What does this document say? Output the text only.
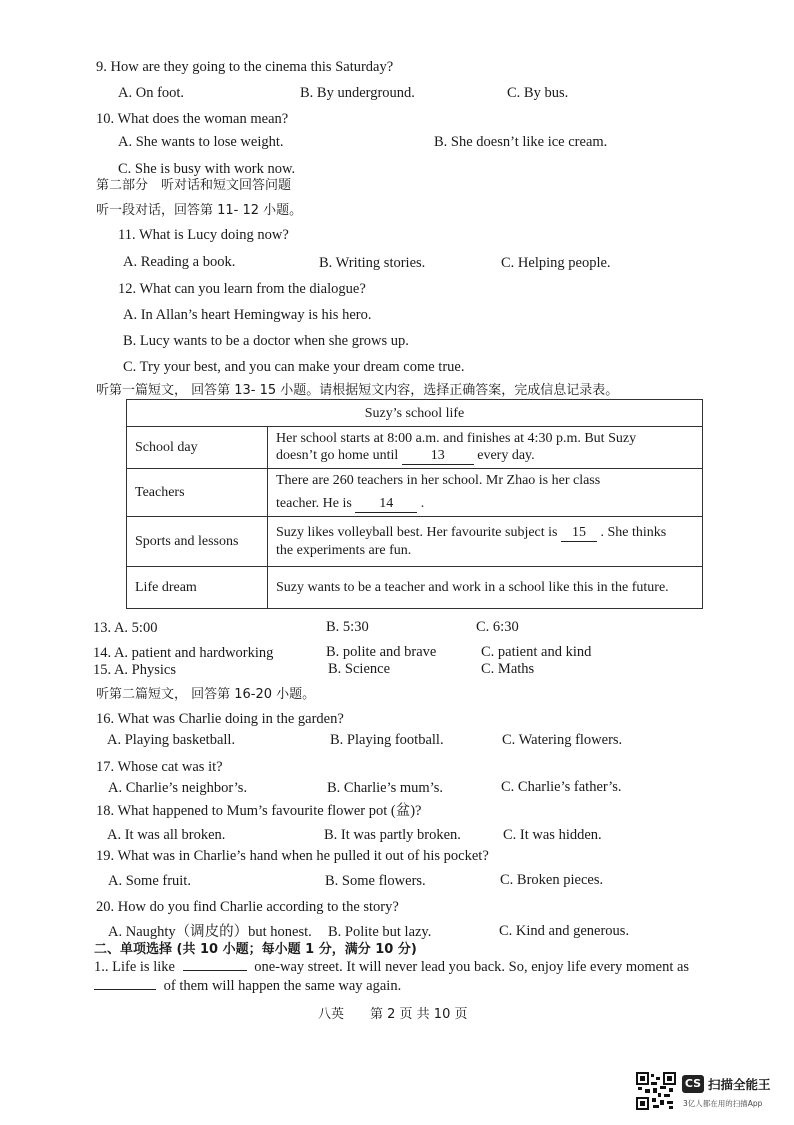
9. How are they going to the cinema this Saturday?
A. On foot.	B. By underground.	C. By bus.
10. What does the woman mean?
A. She wants to lose weight.	B. She doesn’t like ice cream.
C. She is busy with work now.
第二部分　听对话和短文回答问题
听一段对话，回答第 11- 12 小题。
11. What is Lucy doing now?
A. Reading a book.	B. Writing stories.	C. Helping people.
12. What can you learn from the dialogue?
A. In Allan’s heart Hemingway is his hero.
B. Lucy wants to be a doctor when she grows up.
C. Try your best, and you can make your dream come true.
听第一篇短文， 回答第 13- 15 小题。请根据短文内容，选择正确答案，完成信息记录表。
Suzy’s school life	
School day	Her school starts at 8:00 a.m. and finishes at 4:30 p.m. But Suzy
doesn’t go home until 13 every day.

Teachers	There are 260 teachers in her school. Mr Zhao is her class
teacher. He is 14 .

Sports and lessons	Suzy likes volleyball best. Her favourite subject is 15 . She thinks
the experiments are fun.

Life dream	Suzy wants to be a teacher and work in a school like this in the future.
13. A. 5:00	B. 5:30	C. 6:30
14. A. patient and hardworking	B. polite and brave	C. patient and kind
15. A. Physics	B. Science	C. Maths
听第二篇短文， 回答第 16-20 小题。
16. What was Charlie doing in the garden?
A. Playing basketball.	B. Playing football.	C. Watering flowers.
17. Whose cat was it?
A. Charlie’s neighbor’s.	B. Charlie’s mum’s.	C. Charlie’s father’s.
18. What happened to Mum’s favourite flower pot (盆)?
A. It was all broken.	B. It was partly broken.	C. It was hidden.
19. What was in Charlie’s hand when he pulled it out of his pocket?
A. Some fruit.	B. Some flowers.	C. Broken pieces.
20. How do you find Charlie according to the story?
A. Naughty（调皮的）but honest. B. Polite but lazy.	C. Kind and generous.
二、单项选择 (共 10 小题；每小题 1 分，满分 10 分)
1.. Life is like	one-way street. It will never lead you back. So, enjoy life every moment as
of them will happen the same way again.
八英　　第 2 页 共 10 页
CS 扫描全能王
3亿人都在用的扫描App
